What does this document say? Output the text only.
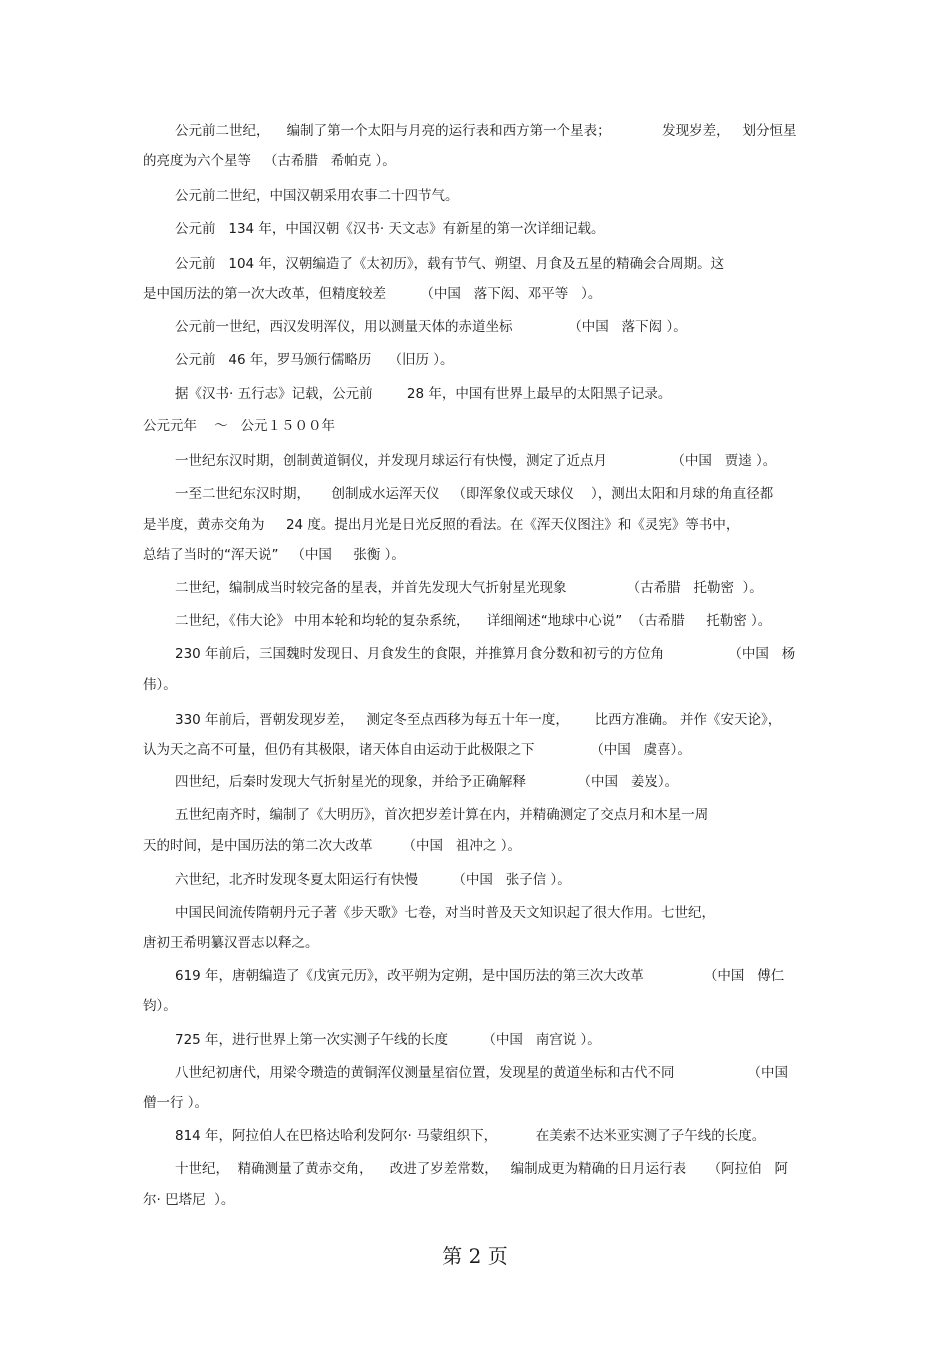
公元前二世纪，    编制了第一个太阳与月亮的运行表和西方第一个星表；            发现岁差，   划分恒星
的亮度为六个星等   （古希腊   希帕克 ）。
公元前二世纪，中国汉朝采用农事二十四节气。
公元前   134 年，中国汉朝《汉书· 天文志》有新星的第一次详细记载。
公元前   104 年，汉朝编造了《太初历》，载有节气、朔望、月食及五星的精确会合周期。这
是中国历法的第一次大改革，但精度较差        （中国   落下闳、邓平等   ）。
公元前一世纪，西汉发明浑仪，用以测量天体的赤道坐标             （中国   落下闳 ）。
公元前   46 年，罗马颁行儒略历    （旧历 ）。
据《汉书· 五行志》记载，公元前        28 年，中国有世界上最早的太阳黑子记录。
公元元年    ～   公元１５００年
一世纪东汉时期，创制黄道铜仪，并发现月球运行有快慢，测定了近点月               （中国   贾逵 ）。
一至二世纪东汉时期，     创制成水运浑天仪   （即浑象仪或天球仪    ），测出太阳和月球的角直径都
是半度，黄赤交角为     24 度。提出月光是日光反照的看法。在《浑天仪图注》和《灵宪》等书中，
总结了当时的“浑天说”   （中国     张衡 ）。
二世纪，编制成当时较完备的星表，并首先发现大气折射星光现象              （古希腊   托勒密  ）。
二世纪，《伟大论》 中用本轮和均轮的复杂系统，    详细阐述“地球中心说”  （古希腊     托勒密 ）。
230 年前后，三国魏时发现日、月食发生的食限，并推算月食分数和初亏的方位角               （中国   杨
伟）。
330 年前后，晋朝发现岁差，   测定冬至点西移为每五十年一度，      比西方准确。 并作《安天论》，
认为天之高不可量，但仍有其极限，诸天体自由运动于此极限之下             （中国   虞喜）。
四世纪，后秦时发现大气折射星光的现象，并给予正确解释            （中国   姜岌）。
五世纪南齐时，编制了《大明历》，首次把岁差计算在内，并精确测定了交点月和木星一周
天的时间，是中国历法的第二次大改革       （中国   祖冲之 ）。
六世纪，北齐时发现冬夏太阳运行有快慢        （中国   张子信 ）。
中国民间流传隋朝丹元子著《步天歌》七卷，对当时普及天文知识起了很大作用。七世纪，
唐初王希明纂汉晋志以释之。
619 年，唐朝编造了《戊寅元历》，改平朔为定朔，是中国历法的第三次大改革              （中国   傅仁
钧）。
725 年，进行世界上第一次实测子午线的长度        （中国   南宫说 ）。
八世纪初唐代，用梁令瓒造的黄铜浑仪测量星宿位置，发现星的黄道坐标和古代不同                 （中国
僧一行 ）。
814 年，阿拉伯人在巴格达哈利发阿尔· 马蒙组织下，         在美索不达米亚实测了子午线的长度。
十世纪，  精确测量了黄赤交角，    改进了岁差常数，   编制成更为精确的日月运行表     （阿拉伯   阿
尔· 巴塔尼  ）。
第 2 页
